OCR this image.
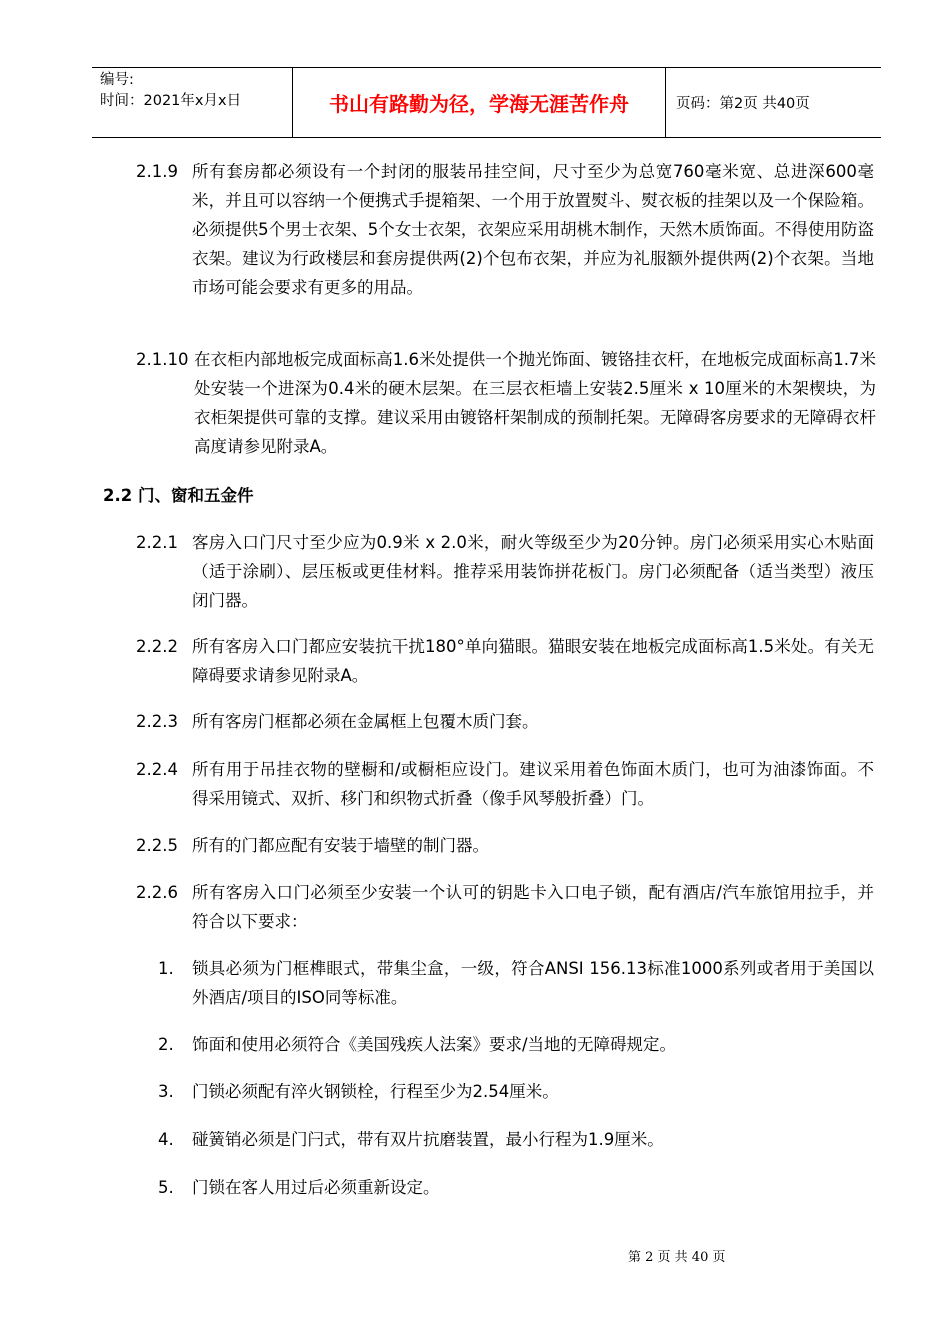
编号:
时间：2021年x月x日	书山有路勤为径，学海无涯苦作舟	页码：第2页 共40页
2.1.9 所有套房都必须设有一个封闭的服装吊挂空间，尺寸至少为总宽760毫米宽、总进深600毫米，并且可以容纳一个便携式手提箱架、一个用于放置熨斗、熨衣板的挂架以及一个保险箱。必须提供5个男士衣架、5个女士衣架，衣架应采用胡桃木制作，天然木质饰面。不得使用防盗衣架。建议为行政楼层和套房提供两(2)个包布衣架，并应为礼服额外提供两(2)个衣架。当地市场可能会要求有更多的用品。
2.1.10 在衣柜内部地板完成面标高1.6米处提供一个抛光饰面、镀铬挂衣杆，在地板完成面标高1.7米处安装一个进深为0.4米的硬木层架。在三层衣柜墙上安装2.5厘米 x 10厘米的木架楔块，为衣柜架提供可靠的支撑。建议采用由镀铬杆架制成的预制托架。无障碍客房要求的无障碍衣杆高度请参见附录A。
2.2 门、窗和五金件
2.2.1 客房入口门尺寸至少应为0.9米 x 2.0米，耐火等级至少为20分钟。房门必须采用实心木贴面（适于涂刷）、层压板或更佳材料。推荐采用装饰拼花板门。房门必须配备（适当类型）液压闭门器。
2.2.2 所有客房入口门都应安装抗干扰180°单向猫眼。猫眼安装在地板完成面标高1.5米处。有关无障碍要求请参见附录A。
2.2.3 所有客房门框都必须在金属框上包覆木质门套。
2.2.4 所有用于吊挂衣物的壁橱和/或橱柜应设门。建议采用着色饰面木质门，也可为油漆饰面。不得采用镜式、双折、移门和织物式折叠（像手风琴般折叠）门。
2.2.5 所有的门都应配有安装于墙壁的制门器。
2.2.6 所有客房入口门必须至少安装一个认可的钥匙卡入口电子锁，配有酒店/汽车旅馆用拉手，并符合以下要求：
1. 锁具必须为门框榫眼式，带集尘盒，一级，符合ANSI 156.13标准1000系列或者用于美国以外酒店/项目的ISO同等标准。
2. 饰面和使用必须符合《美国残疾人法案》要求/当地的无障碍规定。
3. 门锁必须配有淬火钢锁栓，行程至少为2.54厘米。
4. 碰簧销必须是门闩式，带有双片抗磨装置，最小行程为1.9厘米。
5. 门锁在客人用过后必须重新设定。
第 2 页 共 40 页
